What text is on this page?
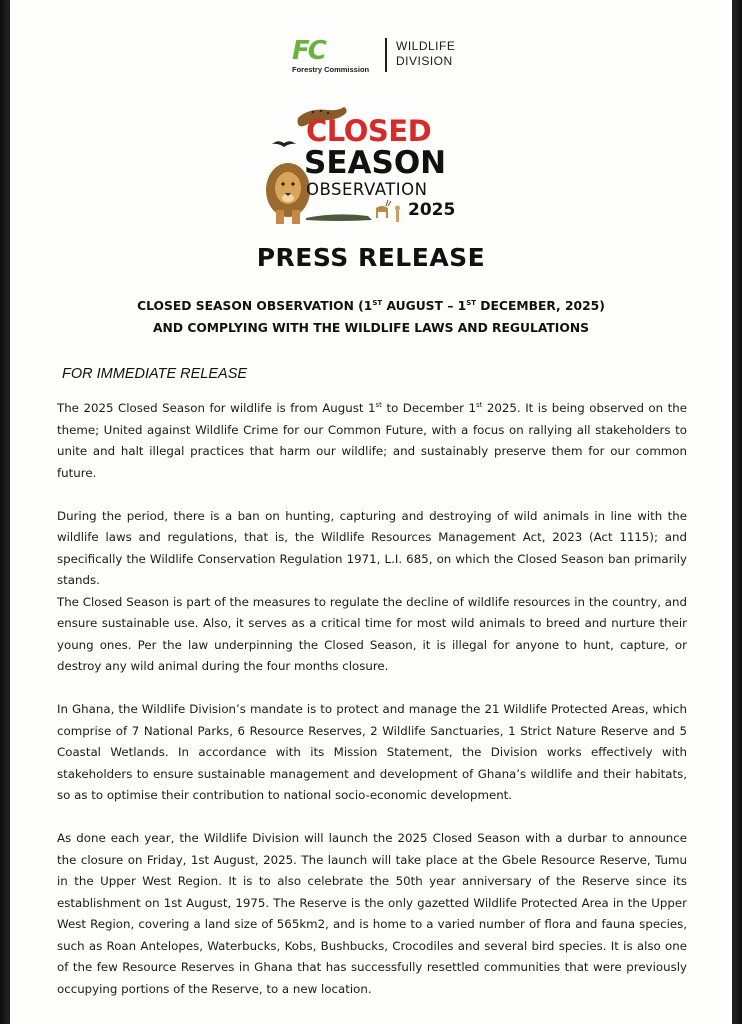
FC
Forestry Commission
WILDLIFE
DIVISION
CLOSED
SEASON
OBSERVATION
2025
PRESS RELEASE
CLOSED SEASON OBSERVATION (1ST AUGUST – 1ST DECEMBER, 2025)
AND COMPLYING WITH THE WILDLIFE LAWS AND REGULATIONS
FOR IMMEDIATE RELEASE

The 2025 Closed Season for wildlife is from August 1st to December 1st 2025. It is being observed on the theme; United against Wildlife Crime for our Common Future, with a focus on rallying all stakeholders to unite and halt illegal practices that harm our wildlife; and sustainably preserve them for our common future.

During the period, there is a ban on hunting, capturing and destroying of wild animals in line with the wildlife laws and regulations, that is, the Wildlife Resources Management Act, 2023 (Act 1115); and specifically the Wildlife Conservation Regulation 1971, L.I. 685, on which the Closed Season ban primarily stands.

The Closed Season is part of the measures to regulate the decline of wildlife resources in the country, and ensure sustainable use. Also, it serves as a critical time for most wild animals to breed and nurture their young ones. Per the law underpinning the Closed Season, it is illegal for anyone to hunt, capture, or destroy any wild animal during the four months closure.

In Ghana, the Wildlife Division’s mandate is to protect and manage the 21 Wildlife Protected Areas, which comprise of 7 National Parks, 6 Resource Reserves, 2 Wildlife Sanctuaries, 1 Strict Nature Reserve and 5 Coastal Wetlands. In accordance with its Mission Statement, the Division works effectively with stakeholders to ensure sustainable management and development of Ghana’s wildlife and their habitats, so as to optimise their contribution to national socio-economic development.

As done each year, the Wildlife Division will launch the 2025 Closed Season with a durbar to announce the closure on Friday, 1st August, 2025. The launch will take place at the Gbele Resource Reserve, Tumu in the Upper West Region. It is to also celebrate the 50th year anniversary of the Reserve since its establishment on 1st August, 1975. The Reserve is the only gazetted Wildlife Protected Area in the Upper West Region, covering a land size of 565km2, and is home to a varied number of flora and fauna species, such as Roan Antelopes, Waterbucks, Kobs, Bushbucks, Crocodiles and several bird species. It is also one of the few Resource Reserves in Ghana that has successfully resettled communities that were previously occupying portions of the Reserve, to a new location.
